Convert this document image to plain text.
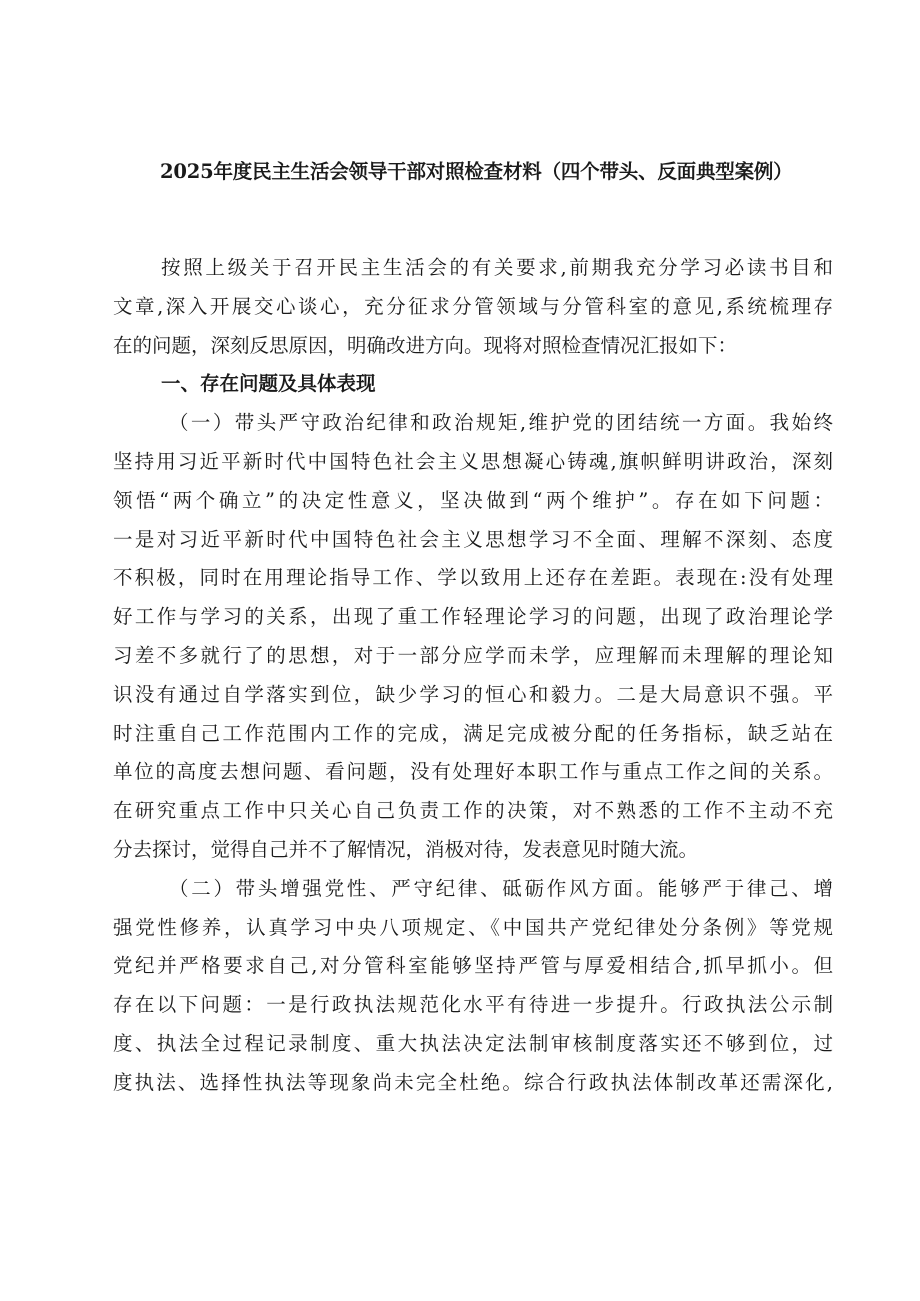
2025年度民主生活会领导干部对照检查材料（四个带头、反面典型案例）
按照上级关于召开民主生活会的有关要求,前期我充分学习必读书目和
文章,深入开展交心谈心，充分征求分管领域与分管科室的意见,系统梳理存
在的问题，深刻反思原因，明确改进方向。现将对照检查情况汇报如下：
一、存在问题及具体表现
（一）带头严守政治纪律和政治规矩,维护党的团结统一方面。我始终
坚持用习近平新时代中国特色社会主义思想凝心铸魂,旗帜鲜明讲政治，深刻
领悟“两个确立”的决定性意义，坚决做到“两个维护”。存在如下问题：
一是对习近平新时代中国特色社会主义思想学习不全面、理解不深刻、态度
不积极，同时在用理论指导工作、学以致用上还存在差距。表现在:没有处理
好工作与学习的关系，出现了重工作轻理论学习的问题，出现了政治理论学
习差不多就行了的思想，对于一部分应学而未学，应理解而未理解的理论知
识没有通过自学落实到位，缺少学习的恒心和毅力。二是大局意识不强。平
时注重自己工作范围内工作的完成，满足完成被分配的任务指标，缺乏站在
单位的高度去想问题、看问题，没有处理好本职工作与重点工作之间的关系。
在研究重点工作中只关心自己负责工作的决策，对不熟悉的工作不主动不充
分去探讨，觉得自己并不了解情况，消极对待，发表意见时随大流。
（二）带头增强党性、严守纪律、砥砺作风方面。能够严于律己、增
强党性修养，认真学习中央八项规定、《中国共产党纪律处分条例》等党规
党纪并严格要求自己,对分管科室能够坚持严管与厚爱相结合,抓早抓小。但
存在以下问题：一是行政执法规范化水平有待进一步提升。行政执法公示制
度、执法全过程记录制度、重大执法决定法制审核制度落实还不够到位，过
度执法、选择性执法等现象尚未完全杜绝。综合行政执法体制改革还需深化,
